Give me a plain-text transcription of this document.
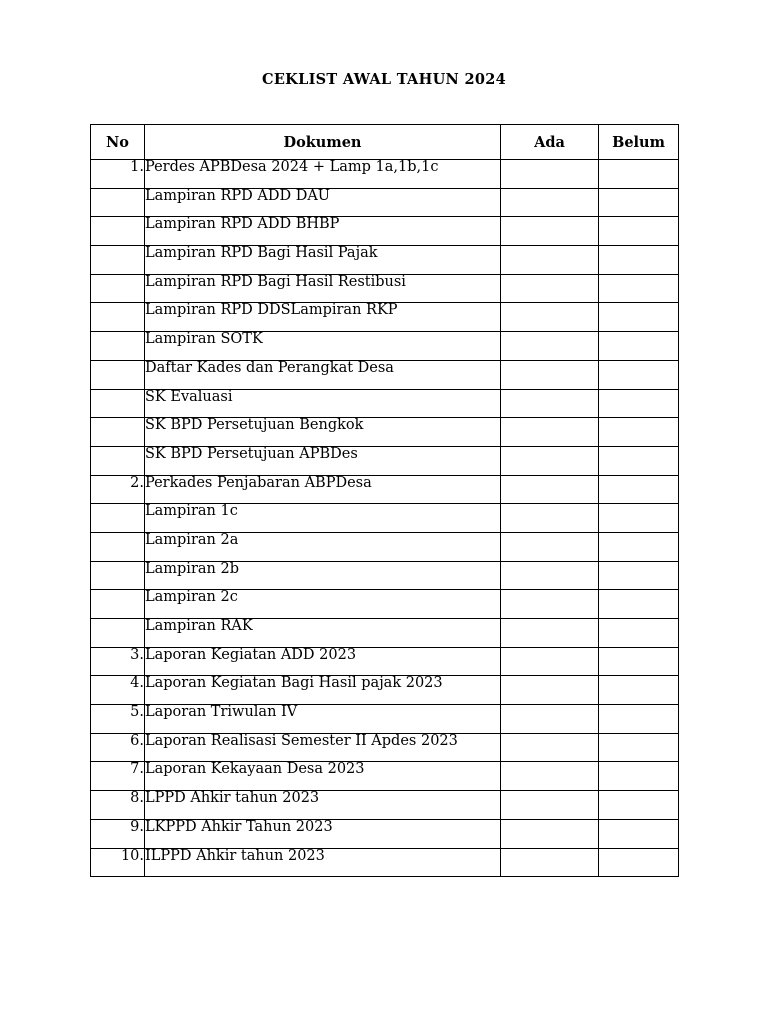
CEKLIST AWAL TAHUN 2024
No	Dokumen	Ada	Belum
1.	Perdes APBDesa 2024 + Lamp 1a,1b,1c		
	Lampiran RPD ADD DAU		
	Lampiran RPD ADD BHBP		
	Lampiran RPD Bagi Hasil Pajak		
	Lampiran RPD Bagi Hasil Restibusi		
	Lampiran RPD DDSLampiran RKP		
	Lampiran SOTK		
	Daftar Kades dan Perangkat Desa		
	SK Evaluasi		
	SK BPD Persetujuan Bengkok		
	SK BPD Persetujuan APBDes		
2.	Perkades Penjabaran ABPDesa		
	Lampiran 1c		
	Lampiran 2a		
	Lampiran 2b		
	Lampiran 2c		
	Lampiran RAK		
3.	Laporan Kegiatan ADD 2023		
4.	Laporan Kegiatan Bagi Hasil pajak 2023		
5.	Laporan Triwulan IV		
6.	Laporan Realisasi Semester II Apdes 2023		
7.	Laporan Kekayaan Desa 2023		
8.	LPPD Ahkir tahun 2023		
9.	LKPPD Ahkir Tahun 2023		
10.	ILPPD Ahkir tahun 2023		
